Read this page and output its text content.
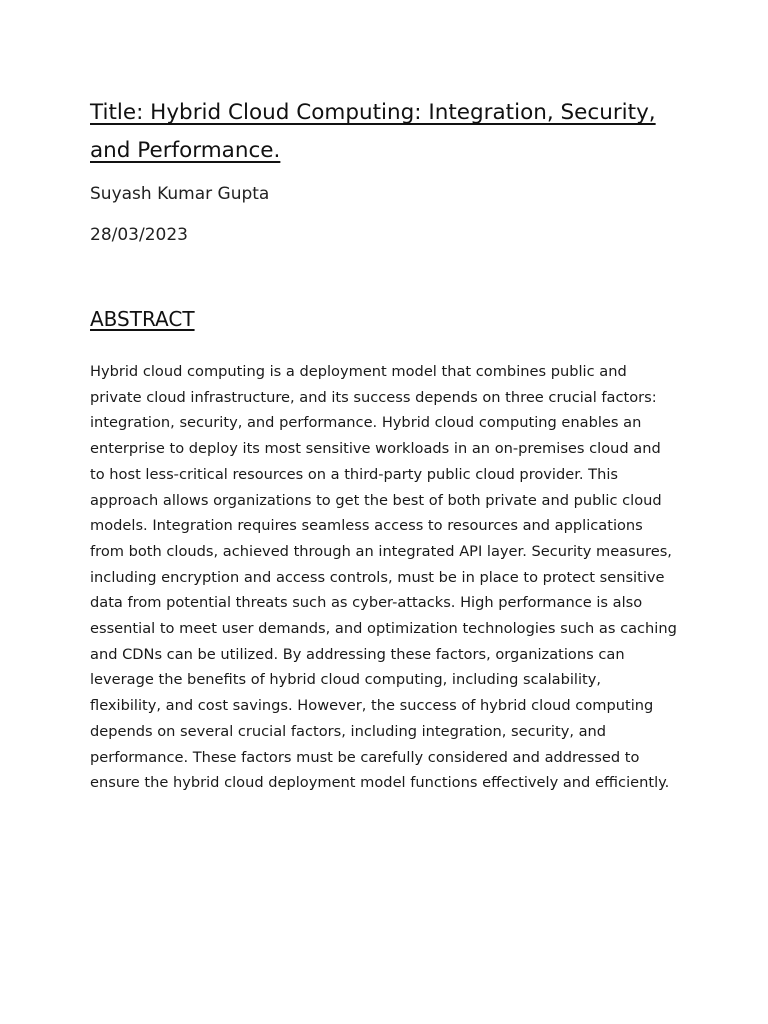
Title: Hybrid Cloud Computing: Integration, Security,
and Performance.

Suyash Kumar Gupta

28/03/2023

ABSTRACT
Hybrid cloud computing is a deployment model that combines public and
private cloud infrastructure, and its success depends on three crucial factors:
integration, security, and performance. Hybrid cloud computing enables an
enterprise to deploy its most sensitive workloads in an on-premises cloud and
to host less-critical resources on a third-party public cloud provider. This
approach allows organizations to get the best of both private and public cloud
models. Integration requires seamless access to resources and applications
from both clouds, achieved through an integrated API layer. Security measures,
including encryption and access controls, must be in place to protect sensitive
data from potential threats such as cyber-attacks. High performance is also
essential to meet user demands, and optimization technologies such as caching
and CDNs can be utilized. By addressing these factors, organizations can
leverage the benefits of hybrid cloud computing, including scalability,
flexibility, and cost savings. However, the success of hybrid cloud computing
depends on several crucial factors, including integration, security, and
performance. These factors must be carefully considered and addressed to
ensure the hybrid cloud deployment model functions effectively and efficiently.
